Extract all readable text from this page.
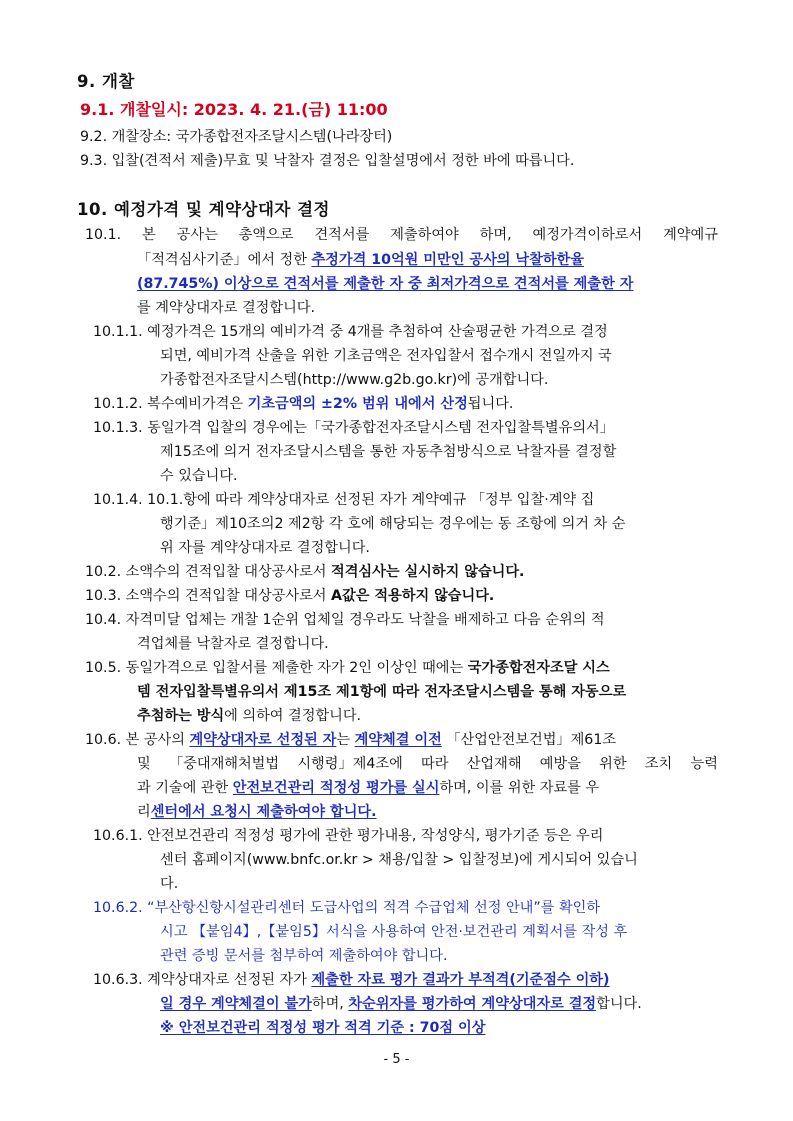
9. 개찰
9.1. 개찰일시: 2023. 4. 21.(금) 11:00
9.2. 개찰장소: 국가종합전자조달시스템(나라장터)
9.3. 입찰(견적서 제출)무효 및 낙찰자 결정은 입찰설명에서 정한 바에 따릅니다.
10. 예정가격 및 계약상대자 결정
10.1. 본 공사는 총액으로 견적서를 제출하여야 하며, 예정가격이하로서 계약예규
「적격심사기준」에서 정한 추정가격 10억원 미만인 공사의 낙찰하한율
(87.745%) 이상으로 견적서를 제출한 자 중 최저가격으로 견적서를 제출한 자
를 계약상대자로 결정합니다.
10.1.1. 예정가격은 15개의 예비가격 중 4개를 추첨하여 산술평균한 가격으로 결정
되면, 예비가격 산출을 위한 기초금액은 전자입찰서 접수개시 전일까지 국
가종합전자조달시스템(http://www.g2b.go.kr)에 공개합니다.
10.1.2. 복수예비가격은 기초금액의 ±2% 범위 내에서 산정됩니다.
10.1.3. 동일가격 입찰의 경우에는「국가종합전자조달시스템 전자입찰특별유의서」
제15조에 의거 전자조달시스템을 통한 자동추첨방식으로 낙찰자를 결정할
수 있습니다.
10.1.4. 10.1.항에 따라 계약상대자로 선정된 자가 계약예규 「정부 입찰·계약 집
행기준」제10조의2 제2항 각 호에 해당되는 경우에는 동 조항에 의거 차 순
위 자를 계약상대자로 결정합니다.
10.2. 소액수의 견적입찰 대상공사로서 적격심사는 실시하지 않습니다.
10.3. 소액수의 견적입찰 대상공사로서 A값은 적용하지 않습니다.
10.4. 자격미달 업체는 개찰 1순위 업체일 경우라도 낙찰을 배제하고 다음 순위의 적
격업체를 낙찰자로 결정합니다.
10.5. 동일가격으로 입찰서를 제출한 자가 2인 이상인 때에는 국가종합전자조달 시스
템 전자입찰특별유의서 제15조 제1항에 따라 전자조달시스템을 통해 자동으로
추첨하는 방식에 의하여 결정합니다.
10.6. 본 공사의 계약상대자로 선정된 자는 계약체결 이전 「산업안전보건법」제61조
및 「중대재해처벌법 시행령」제4조에 따라 산업재해 예방을 위한 조치 능력
과 기술에 관한 안전보건관리 적정성 평가를 실시하며, 이를 위한 자료를 우
리센터에서 요청시 제출하여야 합니다.
10.6.1. 안전보건관리 적정성 평가에 관한 평가내용, 작성양식, 평가기준 등은 우리
센터 홈페이지(www.bnfc.or.kr > 채용/입찰 > 입찰정보)에 게시되어 있습니
다.
10.6.2. “부산항신항시설관리센터 도급사업의 적격 수급업체 선정 안내”를 확인하
시고 【붙임4】,【붙임5】서식을 사용하여 안전·보건관리 계획서를 작성 후
관련 증빙 문서를 첨부하여 제출하여야 합니다.
10.6.3. 계약상대자로 선정된 자가 제출한 자료 평가 결과가 부적격(기준점수 이하)
일 경우 계약체결이 불가하며, 차순위자를 평가하여 계약상대자로 결정합니다.
※ 안전보건관리 적정성 평가 적격 기준 : 70점 이상
- 5 -
